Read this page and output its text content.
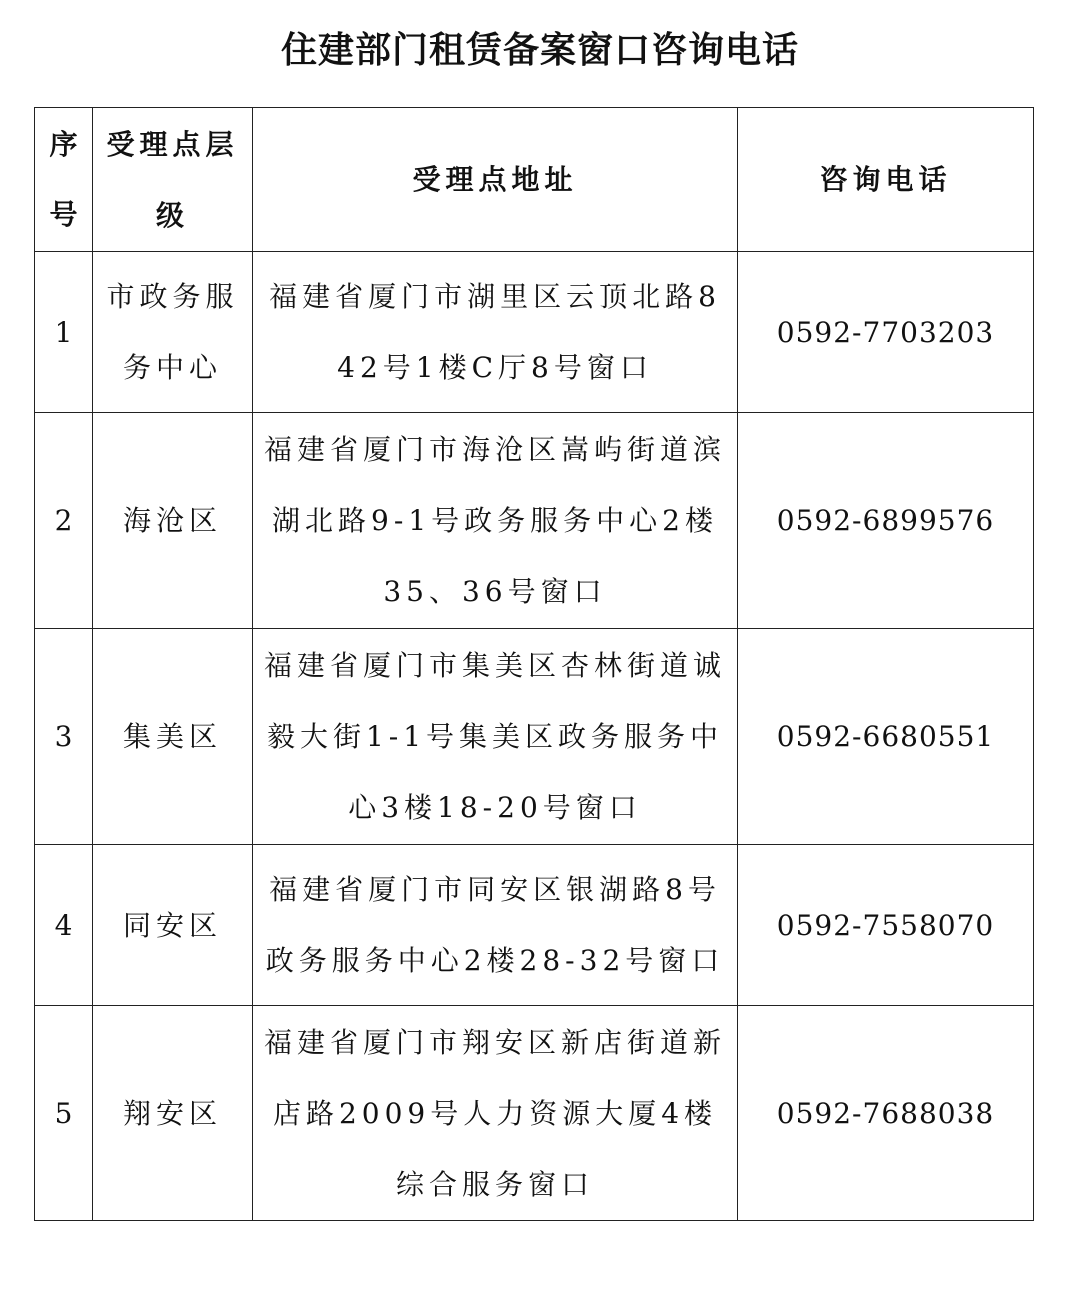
住建部门租赁备案窗口咨询电话
序号	受理点层级	受理点地址	咨询电话
1	市政务服务中心	福建省厦门市湖里区云顶北路842号1楼C厅8号窗口	0592-7703203
2	海沧区	福建省厦门市海沧区嵩屿街道滨湖北路9-1号政务服务中心2楼35、36号窗口	0592-6899576
3	集美区	福建省厦门市集美区杏林街道诚毅大街1-1号集美区政务服务中心3楼18-20号窗口	0592-6680551
4	同安区	福建省厦门市同安区银湖路8号政务服务中心2楼28-32号窗口	0592-7558070
5	翔安区	福建省厦门市翔安区新店街道新店路2009号人力资源大厦4楼综合服务窗口	0592-7688038
